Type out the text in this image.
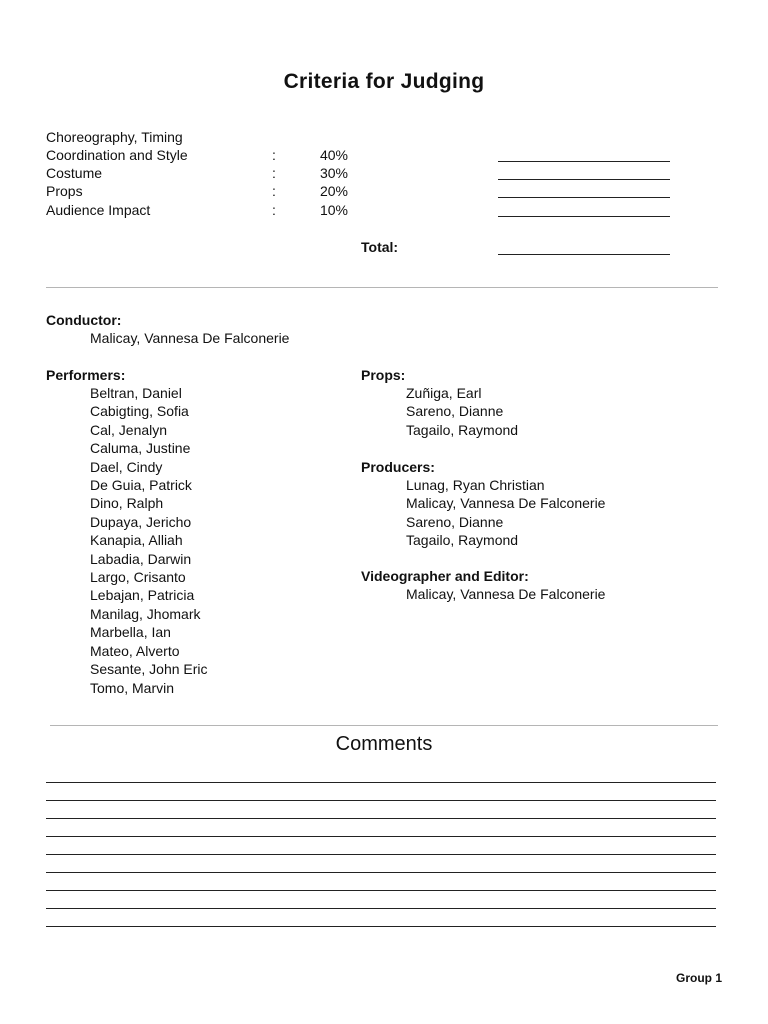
Criteria for Judging
Choreography, Timing
Coordination and Style	:	40%
Costume	:	30%
Props	:	20%
Audience Impact	:	10%
Total:
Conductor:
Malicay, Vannesa De Falconerie
Performers:
Beltran, Daniel
Cabigting, Sofia
Cal, Jenalyn
Caluma, Justine
Dael, Cindy
De Guia, Patrick
Dino, Ralph
Dupaya, Jericho
Kanapia, Alliah
Labadia, Darwin
Largo, Crisanto
Lebajan, Patricia
Manilag, Jhomark
Marbella, Ian
Mateo, Alverto
Sesante, John Eric
Tomo, Marvin
Props:
Zuñiga, Earl
Sareno, Dianne
Tagailo, Raymond
Producers:
Lunag, Ryan Christian
Malicay, Vannesa De Falconerie
Sareno, Dianne
Tagailo, Raymond
Videographer and Editor:
Malicay, Vannesa De Falconerie
Comments
Group 1
